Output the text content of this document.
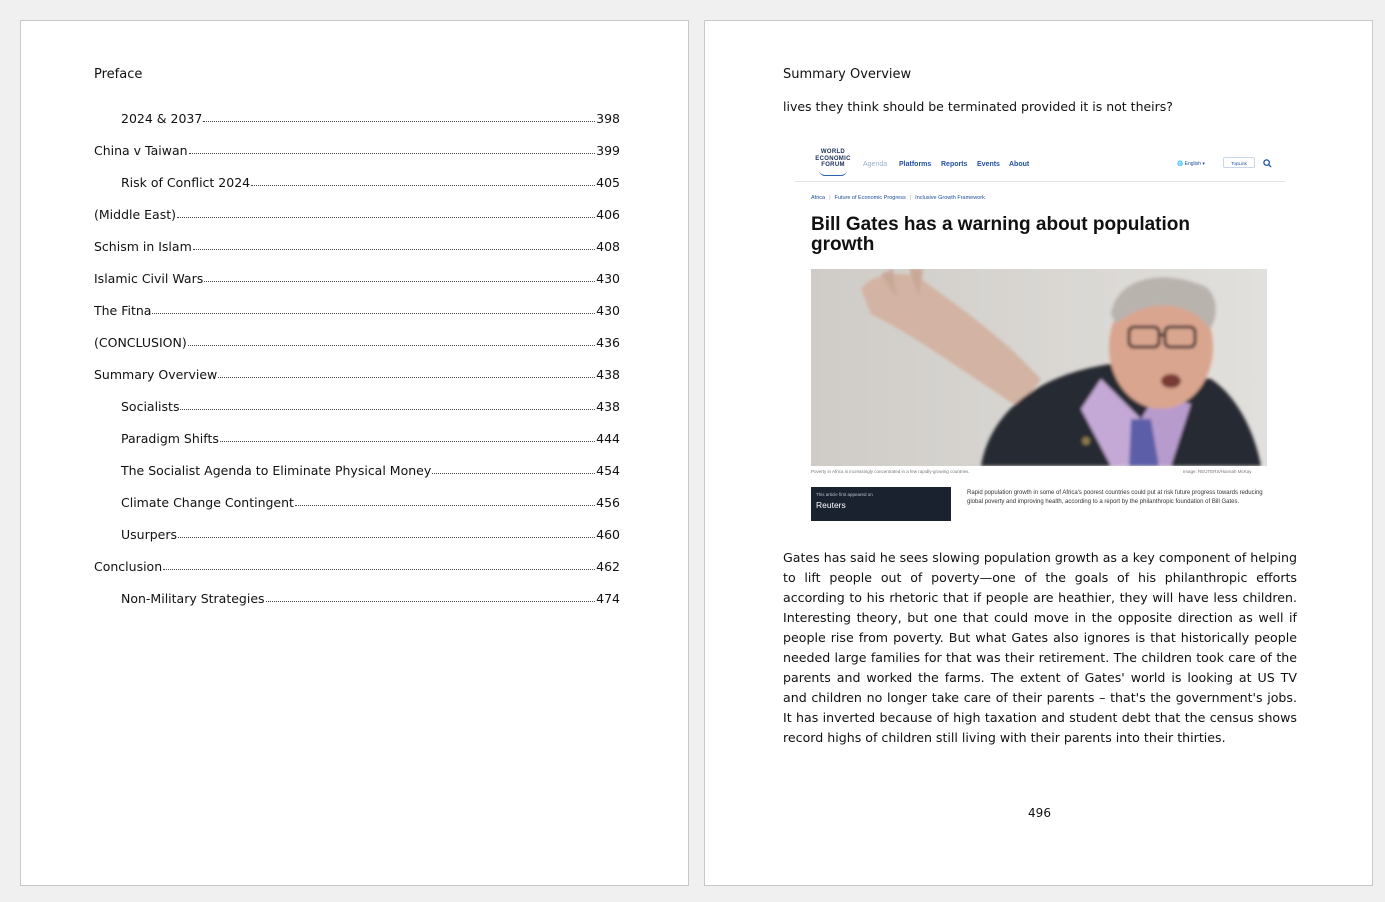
Preface
2024 & 2037	398
China v Taiwan	399
Risk of Conflict 2024	405
(Middle East)	406
Schism in Islam	408
Islamic Civil Wars	430
The Fitna	430
(CONCLUSION)	436
Summary Overview	438
Socialists	438
Paradigm Shifts	444
The Socialist Agenda to Eliminate Physical Money	454
Climate Change Contingent	456
Usurpers	460
Conclusion	462
Non-Military Strategies	474
Summary Overview
lives they think should be terminated provided it is not theirs?
WORLD
ECONOMIC
FORUM	Agenda Platforms Reports Events About	🌐 English ▾	TopLink
Africa | Future of Economic Progress | Inclusive Growth Framework
Bill Gates has a warning about population growth
Poverty in Africa is increasingly concentrated in a few rapidly-growing countries.	Image: REUTERS/Hannah McKay
This article first appeared on
Reuters
Rapid population growth in some of Africa's poorest countries could put at risk future progress towards reducing global poverty and improving health, according to a report by the philanthropic foundation of Bill Gates.
Gates has said he sees slowing population growth as a key component of helping to lift people out of poverty—one of the goals of his philanthropic efforts according to his rhetoric that if people are heathier, they will have less children. Interesting theory, but one that could move in the opposite direction as well if people rise from poverty. But what Gates also ignores is that historically people needed large families for that was their retirement. The children took care of the parents and worked the farms. The extent of Gates' world is looking at US TV and children no longer take care of their parents – that's the government's jobs. It has inverted because of high taxation and student debt that the census shows record highs of children still living with their parents into their thirties.
496
